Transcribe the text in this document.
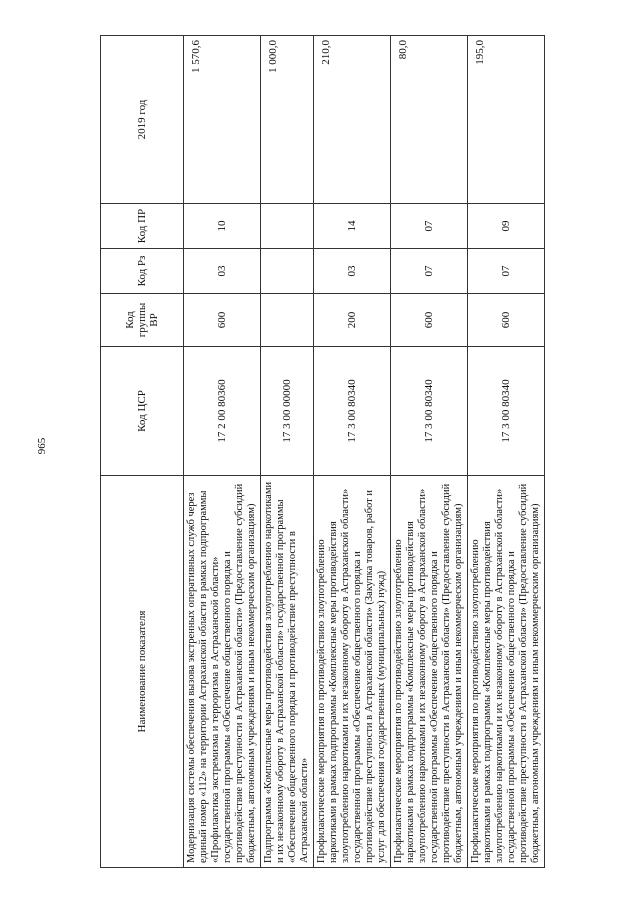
965
Наименование показателя	Код ЦСР	Код группы ВР	Код Рз	Код ПР	2019 год
Модернизация системы обеспечения вызова экстренных оперативных служб через единый номер «112» на территории Астраханской области в рамках подпрограммы «Профилактика экстремизма и терроризма в Астраханской области» государственной программы «Обеспечение общественного порядка и противодействие преступности в Астраханской области» (Предоставление субсидий бюджетным, автономным учреждениям и иным некоммерческим организациям)	17 2 00 80360	600	03	10	1 570,6
Подпрограмма «Комплексные меры противодействия злоупотреблению наркотиками и их незаконному обороту в Астраханской области» государственной программы «Обеспечение общественного порядка и противодействие преступности в Астраханской области»	17 3 00 00000				1 000,0
Профилактические мероприятия по противодействию злоупотреблению наркотиками в рамках подпрограммы «Комплексные меры противодействия злоупотреблению наркотиками и их незаконному обороту в Астраханской области» государственной программы «Обеспечение общественного порядка и противодействие преступности в Астраханской области» (Закупка товаров, работ и услуг для обеспечения государственных (муниципальных) нужд)	17 3 00 80340	200	03	14	210,0
Профилактические мероприятия по противодействию злоупотреблению наркотиками в рамках подпрограммы «Комплексные меры противодействия злоупотреблению наркотиками и их незаконному обороту в Астраханской области» государственной программы «Обеспечение общественного порядка и противодействие преступности в Астраханской области» (Предоставление субсидий бюджетным, автономным учреждениям и иным некоммерческим организациям)	17 3 00 80340	600	07	07	80,0
Профилактические мероприятия по противодействию злоупотреблению наркотиками в рамках подпрограммы «Комплексные меры противодействия злоупотреблению наркотиками и их незаконному обороту в Астраханской области» государственной программы «Обеспечение общественного порядка и противодействие преступности в Астраханской области» (Предоставление субсидий бюджетным, автономным учреждениям и иным некоммерческим организациям)	17 3 00 80340	600	07	09	195,0
